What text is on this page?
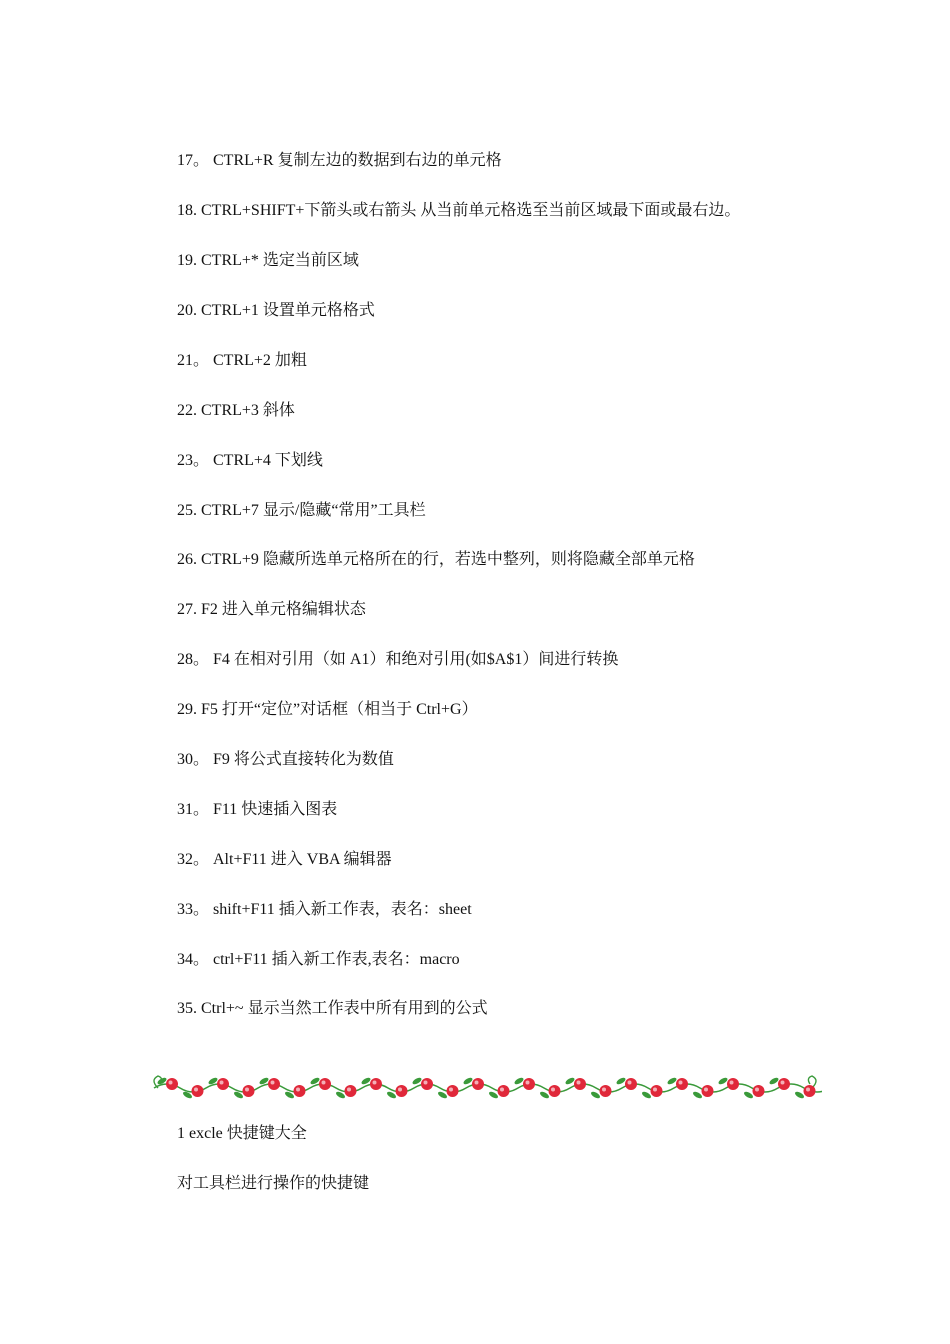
17。 CTRL+R 复制左边的数据到右边的单元格
18. CTRL+SHIFT+下箭头或右箭头 从当前单元格选至当前区域最下面或最右边。
19. CTRL+* 选定当前区域
20. CTRL+1 设置单元格格式
21。 CTRL+2 加粗
22. CTRL+3 斜体
23。 CTRL+4 下划线
25. CTRL+7 显示/隐藏“常用”工具栏
26. CTRL+9 隐藏所选单元格所在的行，若选中整列，则将隐藏全部单元格
27. F2 进入单元格编辑状态
28。 F4 在相对引用（如 A1）和绝对引用(如$A$1）间进行转换
29. F5 打开“定位”对话框（相当于 Ctrl+G）
30。 F9 将公式直接转化为数值
31。 F11 快速插入图表
32。 Alt+F11 进入 VBA 编辑器
33。 shift+F11 插入新工作表，表名：sheet
34。 ctrl+F11 插入新工作表,表名：macro
35. Ctrl+~ 显示当然工作表中所有用到的公式
1 excle 快捷键大全
对工具栏进行操作的快捷键
